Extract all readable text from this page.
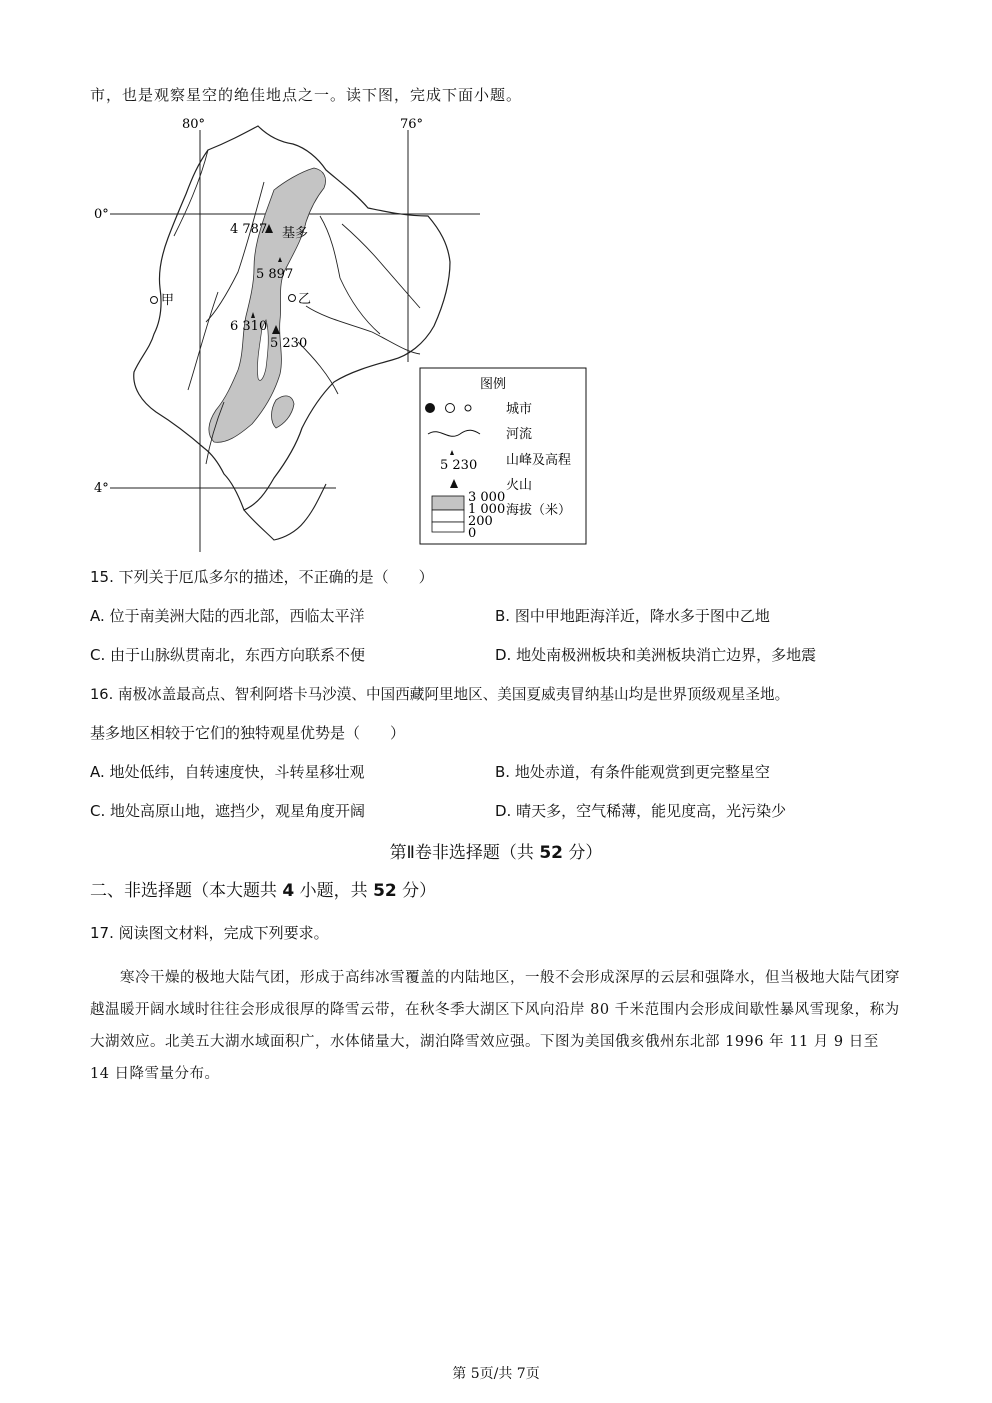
市，也是观察星空的绝佳地点之一。读下图，完成下面小题。
80°	76°
0°
4°
4 787 基多
5 897
乙
甲
6 310
5 230
图例
城市
河流
5 230 山峰及高程
火山
3 000
1 000
200
0
海拔（米）
15. 下列关于厄瓜多尔的描述，不正确的是（　　）
A. 位于南美洲大陆的西北部，西临太平洋	B. 图中甲地距海洋近，降水多于图中乙地
C. 由于山脉纵贯南北，东西方向联系不便	D. 地处南极洲板块和美洲板块消亡边界，多地震
16. 南极冰盖最高点、智利阿塔卡马沙漠、中国西藏阿里地区、美国夏威夷冒纳基山均是世界顶级观星圣地。
基多地区相较于它们的独特观星优势是（　　）
A. 地处低纬，自转速度快，斗转星移壮观	B. 地处赤道，有条件能观赏到更完整星空
C. 地处高原山地，遮挡少，观星角度开阔	D. 晴天多，空气稀薄，能见度高，光污染少
第Ⅱ卷非选择题（共 52 分）
二、非选择题（本大题共 4 小题，共 52 分）
17. 阅读图文材料，完成下列要求。
寒冷干燥的极地大陆气团，形成于高纬冰雪覆盖的内陆地区，一般不会形成深厚的云层和强降水，但当极地大陆气团穿越温暖开阔水域时往往会形成很厚的降雪云带，在秋冬季大湖区下风向沿岸 80 千米范围内会形成间歇性暴风雪现象，称为大湖效应。北美五大湖水域面积广，水体储量大，湖泊降雪效应强。下图为美国俄亥俄州东北部 1996 年 11 月 9 日至 14 日降雪量分布。
第 5页/共 7页
